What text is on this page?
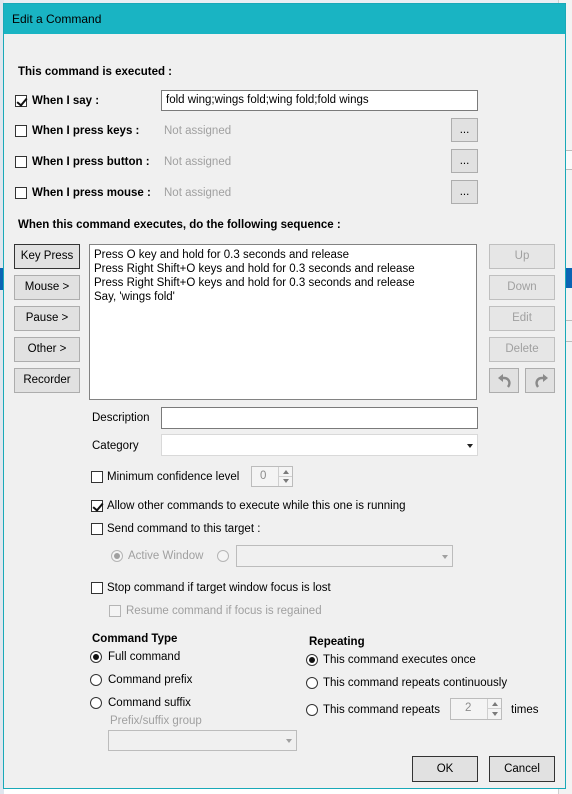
Edit a Command
This command is executed :
When I say :	fold wing;wings fold;wing fold;fold wings
When I press keys : Not assigned	...
When I press button : Not assigned	...
When I press mouse : Not assigned	...
When this command executes, do the following sequence :
Key Press
Mouse >
Pause >
Other >
Recorder
Press O key and hold for 0.3 seconds and release
Press Right Shift+O keys and hold for 0.3 seconds and release
Press Right Shift+O keys and hold for 0.3 seconds and release
Say, 'wings fold'
Up
Down
Edit
Delete
Description
Category
Minimum confidence level 0
Allow other commands to execute while this one is running
Send command to this target :
Active Window
Stop command if target window focus is lost
Resume command if focus is regained
Command Type
Full command
Command prefix
Command suffix
Prefix/suffix group
Repeating
This command executes once
This command repeats continuously
This command repeats 2	times
OK	Cancel
